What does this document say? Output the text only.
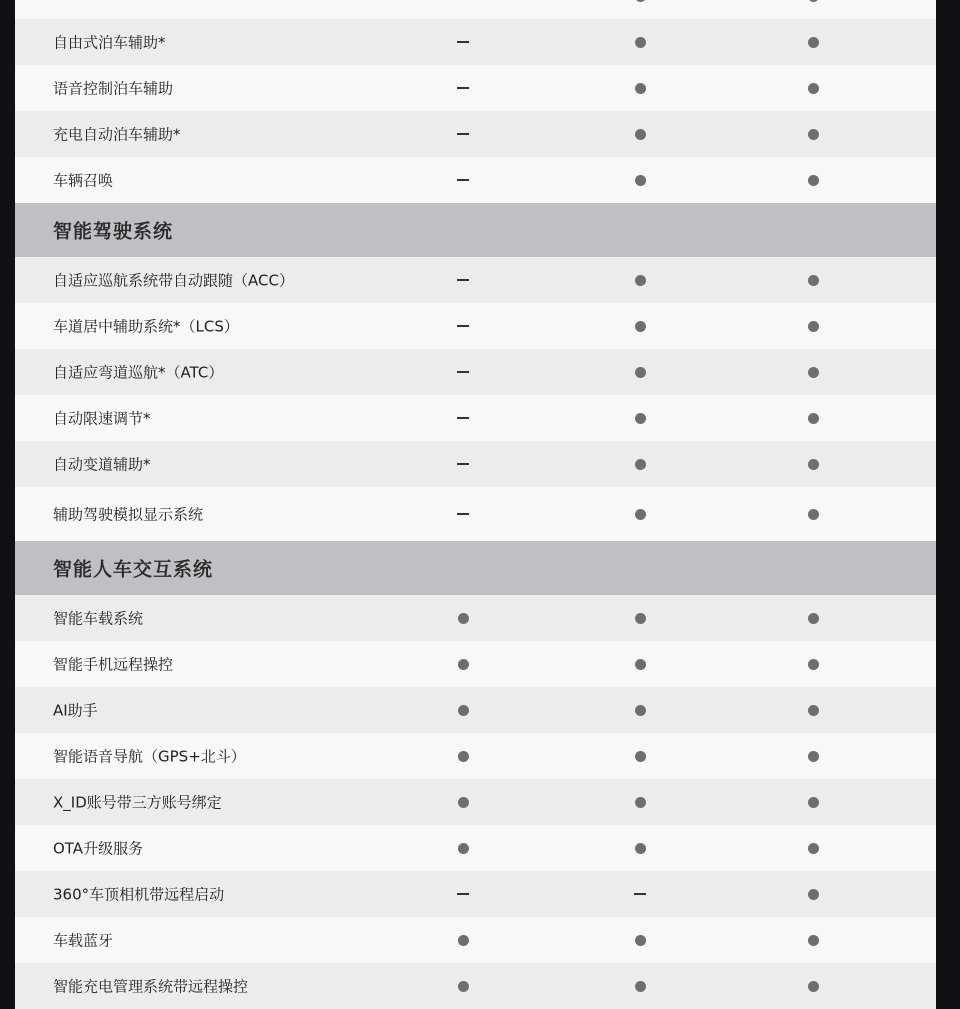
自由式泊车辅助*
语音控制泊车辅助
充电自动泊车辅助*
车辆召唤
智能驾驶系统
自适应巡航系统带自动跟随（ACC）
车道居中辅助系统*（LCS）
自适应弯道巡航*（ATC）
自动限速调节*
自动变道辅助*
辅助驾驶模拟显示系统
智能人车交互系统
智能车载系统
智能手机远程操控
AI助手
智能语音导航（GPS+北斗）
X_ID账号带三方账号绑定
OTA升级服务
360°车顶相机带远程启动
车载蓝牙
智能充电管理系统带远程操控
